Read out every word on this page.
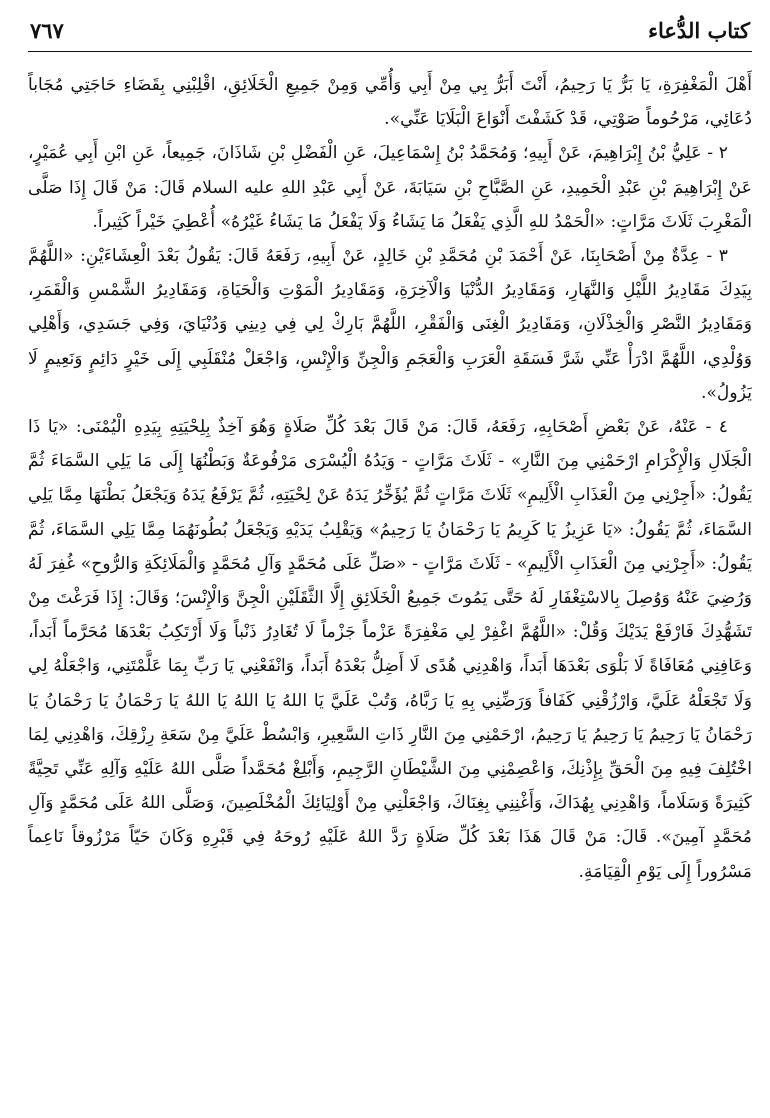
كتاب الدُّعاء
٧٦٧

أَهْلَ الْمَغْفِرَةِ، يَا بَرُّ يَا رَحِيمُ، أَنْتَ أَبَرُّ بِي مِنْ أَبِي وَأُمِّي وَمِنْ جَمِيعِ الْخَلَائِقِ، اقْلِبْنِي بِقَضَاءِ حَاجَتِي مُجَاباً دُعَائِي، مَرْحُوماً صَوْتِي، قَدْ كَشَفْتَ أَنْوَاعَ الْبَلَايَا عَنِّي».

٢ - عَلِيُّ بْنُ إِبْرَاهِيمَ، عَنْ أَبِيهِ؛ وَمُحَمَّدُ بْنُ إِسْمَاعِيلَ، عَنِ الْفَضْلِ بْنِ شَاذَانَ، جَمِيعاً، عَنِ ابْنِ أَبِي عُمَيْرٍ، عَنْ إِبْرَاهِيمَ بْنِ عَبْدِ الْحَمِيدِ، عَنِ الصَّبَّاحِ بْنِ سَيَابَةَ، عَنْ أَبِي عَبْدِ اللهِ عليه السلام قَالَ: مَنْ قَالَ إِذَا صَلَّى الْمَغْرِبَ ثَلَاثَ مَرَّاتٍ: «الْحَمْدُ للهِ الَّذِي يَفْعَلُ مَا يَشَاءُ وَلَا يَفْعَلُ مَا يَشَاءُ غَيْرُهُ» أُعْطِيَ خَيْراً كَثِيراً.

٣ - عِدَّةٌ مِنْ أَصْحَابِنَا، عَنْ أَحْمَدَ بْنِ مُحَمَّدِ بْنِ خَالِدٍ، عَنْ أَبِيهِ، رَفَعَهُ قَالَ: يَقُولُ بَعْدَ الْعِشَاءَيْنِ: «اللَّهُمَّ بِيَدِكَ مَقَادِيرُ اللَّيْلِ وَالنَّهَارِ، وَمَقَادِيرُ الدُّنْيَا وَالْآخِرَةِ، وَمَقَادِيرُ الْمَوْتِ وَالْحَيَاةِ، وَمَقَادِيرُ الشَّمْسِ وَالْقَمَرِ، وَمَقَادِيرُ النَّصْرِ وَالْخِذْلَانِ، وَمَقَادِيرُ الْغِنَى وَالْفَقْرِ، اللَّهُمَّ بَارِكْ لِي فِي دِينِي وَدُنْيَايَ، وَفِي جَسَدِي، وَأَهْلِي وَوُلْدِي، اللَّهُمَّ ادْرَأْ عَنِّي شَرَّ فَسَقَةِ الْعَرَبِ وَالْعَجَمِ وَالْجِنِّ وَالْإِنْسِ، وَاجْعَلْ مُنْقَلَبِي إِلَى خَيْرٍ دَائِمٍ وَنَعِيمٍ لَا يَزُولُ».

٤ - عَنْهُ، عَنْ بَعْضِ أَصْحَابِهِ، رَفَعَهُ، قَالَ: مَنْ قَالَ بَعْدَ كُلِّ صَلَاةٍ وَهُوَ آخِذٌ بِلِحْيَتِهِ بِيَدِهِ الْيُمْنَى: «يَا ذَا الْجَلَالِ وَالْإِكْرَامِ ارْحَمْنِي مِنَ النَّارِ» - ثَلَاثَ مَرَّاتٍ - وَيَدُهُ الْيُسْرَى مَرْفُوعَةٌ وَبَطْنُهَا إِلَى مَا يَلِي السَّمَاءَ ثُمَّ يَقُولُ: «أَجِرْنِي مِنَ الْعَذَابِ الْأَلِيمِ» ثَلَاثَ مَرَّاتٍ ثُمَّ يُؤَخِّرُ يَدَهُ عَنْ لِحْيَتِهِ، ثُمَّ يَرْفَعُ يَدَهُ وَيَجْعَلُ بَطْنَهَا مِمَّا يَلِي السَّمَاءَ، ثُمَّ يَقُولُ: «يَا عَزِيزُ يَا كَرِيمُ يَا رَحْمَانُ يَا رَحِيمُ» وَيَقْلِبُ يَدَيْهِ وَيَجْعَلُ بُطُونَهُمَا مِمَّا يَلِي السَّمَاءَ، ثُمَّ يَقُولُ: «أَجِرْنِي مِنَ الْعَذَابِ الْأَلِيمِ» - ثَلَاثَ مَرَّاتٍ - «صَلِّ عَلَى مُحَمَّدٍ وَآلِ مُحَمَّدٍ وَالْمَلَائِكَةِ وَالرُّوحِ» غُفِرَ لَهُ وَرُضِيَ عَنْهُ وَوُصِلَ بِالاسْتِغْفَارِ لَهُ حَتَّى يَمُوتَ جَمِيعُ الْخَلَائِقِ إِلَّا الثَّقَلَيْنِ الْجِنَّ وَالْإِنْسَ؛ وَقَالَ: إِذَا فَرَغْتَ مِنْ تَشَهُّدِكَ فَارْفَعْ يَدَيْكَ وَقُلْ: «اللَّهُمَّ اغْفِرْ لِي مَغْفِرَةً عَزْماً جَزْماً لَا تُغَادِرُ ذَنْباً وَلَا أَرْتَكِبُ بَعْدَهَا مُحَرَّماً أَبَداً، وَعَافِنِي مُعَافَاةً لَا بَلْوَى بَعْدَهَا أَبَداً، وَاهْدِنِي هُدًى لَا أَضِلُّ بَعْدَهُ أَبَداً، وَانْفَعْنِي يَا رَبِّ بِمَا عَلَّمْتَنِي، وَاجْعَلْهُ لِي وَلَا تَجْعَلْهُ عَلَيَّ، وَارْزُقْنِي كَفَافاً وَرَضِّنِي بِهِ يَا رَبَّاهُ، وَتُبْ عَلَيَّ يَا اللهُ يَا اللهُ يَا اللهُ يَا رَحْمَانُ يَا رَحْمَانُ يَا رَحْمَانُ يَا رَحِيمُ يَا رَحِيمُ يَا رَحِيمُ، ارْحَمْنِي مِنَ النَّارِ ذَاتِ السَّعِيرِ، وَابْسُطْ عَلَيَّ مِنْ سَعَةِ رِزْقِكَ، وَاهْدِنِي لِمَا اخْتُلِفَ فِيهِ مِنَ الْحَقِّ بِإِذْنِكَ، وَاعْصِمْنِي مِنَ الشَّيْطَانِ الرَّجِيمِ، وَأَبْلِغْ مُحَمَّداً صَلَّى اللهُ عَلَيْهِ وَآلِهِ عَنِّي تَحِيَّةً كَثِيرَةً وَسَلَاماً، وَاهْدِنِي بِهُدَاكَ، وَأَغْنِنِي بِغِنَاكَ، وَاجْعَلْنِي مِنْ أَوْلِيَائِكَ الْمُخْلَصِينَ، وَصَلَّى اللهُ عَلَى مُحَمَّدٍ وَآلِ مُحَمَّدٍ آمِينَ». قَالَ: مَنْ قَالَ هَذَا بَعْدَ كُلِّ صَلَاةٍ رَدَّ اللهُ عَلَيْهِ رُوحَهُ فِي قَبْرِهِ وَكَانَ حَيّاً مَرْزُوقاً نَاعِماً مَسْرُوراً إِلَى يَوْمِ الْقِيَامَةِ.
